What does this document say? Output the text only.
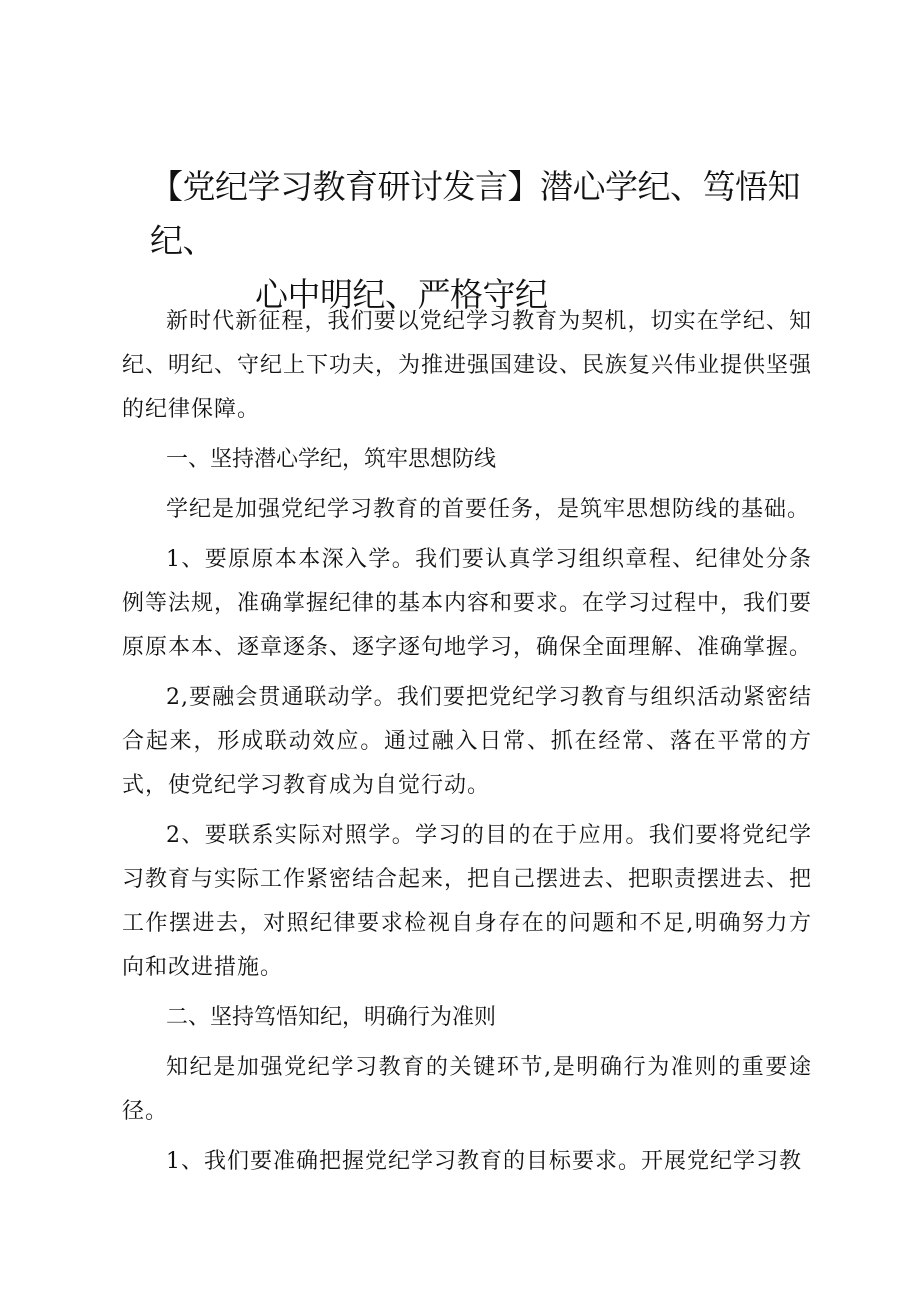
【党纪学习教育研讨发言】潜心学纪、笃悟知纪、
心中明纪、严格守纪

新时代新征程，我们要以党纪学习教育为契机，切实在学纪、知纪、明纪、守纪上下功夫，为推进强国建设、民族复兴伟业提供坚强的纪律保障。

一、坚持潜心学纪，筑牢思想防线

学纪是加强党纪学习教育的首要任务，是筑牢思想防线的基础。

1、要原原本本深入学。我们要认真学习组织章程、纪律处分条例等法规，准确掌握纪律的基本内容和要求。在学习过程中，我们要原原本本、逐章逐条、逐字逐句地学习，确保全面理解、准确掌握。

2,要融会贯通联动学。我们要把党纪学习教育与组织活动紧密结合起来，形成联动效应。通过融入日常、抓在经常、落在平常的方式，使党纪学习教育成为自觉行动。

2、要联系实际对照学。学习的目的在于应用。我们要将党纪学习教育与实际工作紧密结合起来，把自己摆进去、把职责摆进去、把工作摆进去，对照纪律要求检视自身存在的问题和不足,明确努力方向和改进措施。

二、坚持笃悟知纪，明确行为准则

知纪是加强党纪学习教育的关键环节,是明确行为准则的重要途径。

1、我们要准确把握党纪学习教育的目标要求。开展党纪学习教
